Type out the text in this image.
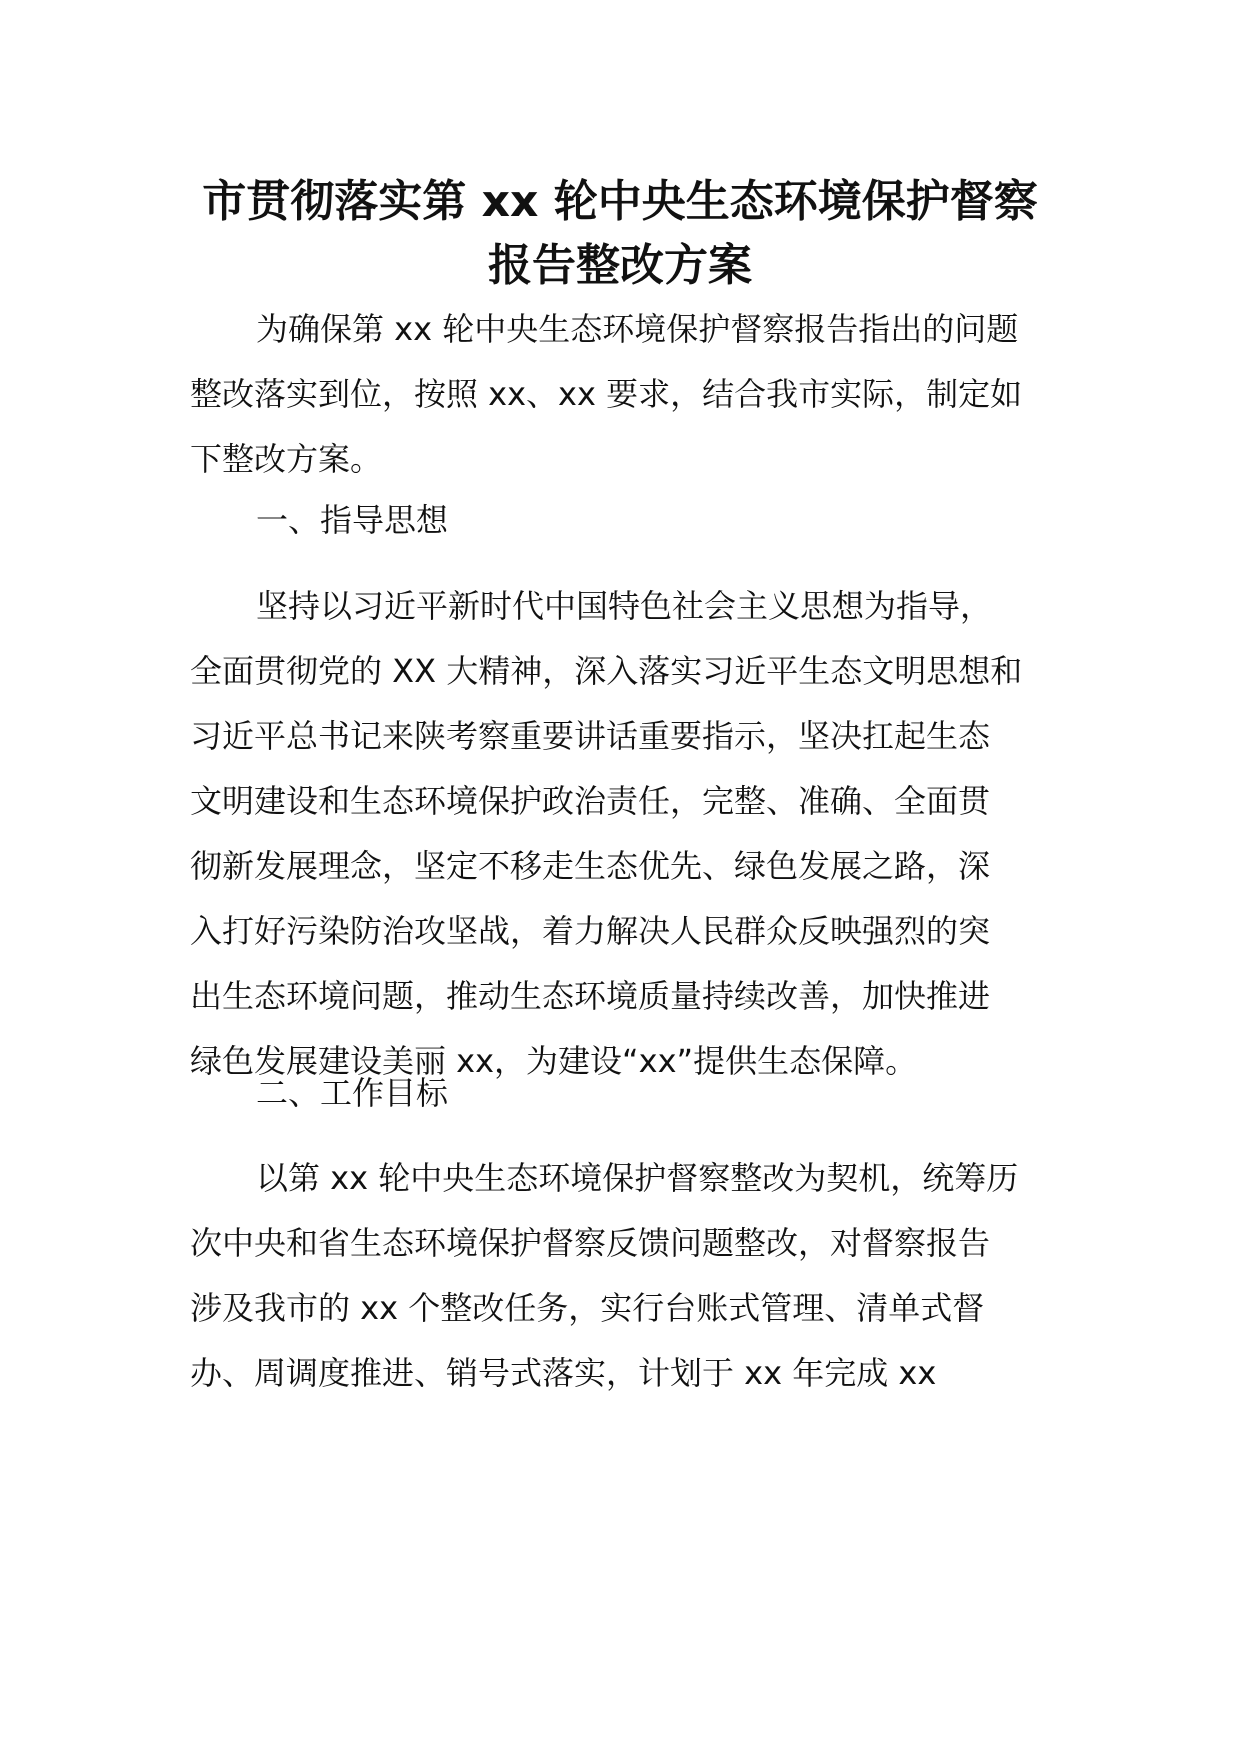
市贯彻落实第 xx 轮中央生态环境保护督察
报告整改方案

为确保第 xx 轮中央生态环境保护督察报告指出的问题
整改落实到位，按照 xx、xx 要求，结合我市实际，制定如
下整改方案。

一、指导思想

坚持以习近平新时代中国特色社会主义思想为指导，
全面贯彻党的 XX 大精神，深入落实习近平生态文明思想和
习近平总书记来陕考察重要讲话重要指示，坚决扛起生态
文明建设和生态环境保护政治责任，完整、准确、全面贯
彻新发展理念，坚定不移走生态优先、绿色发展之路，深
入打好污染防治攻坚战，着力解决人民群众反映强烈的突
出生态环境问题，推动生态环境质量持续改善，加快推进
绿色发展建设美丽 xx，为建设“xx”提供生态保障。

二、工作目标

以第 xx 轮中央生态环境保护督察整改为契机，统筹历
次中央和省生态环境保护督察反馈问题整改，对督察报告
涉及我市的 xx 个整改任务，实行台账式管理、清单式督
办、周调度推进、销号式落实，计划于 xx 年完成 xx
